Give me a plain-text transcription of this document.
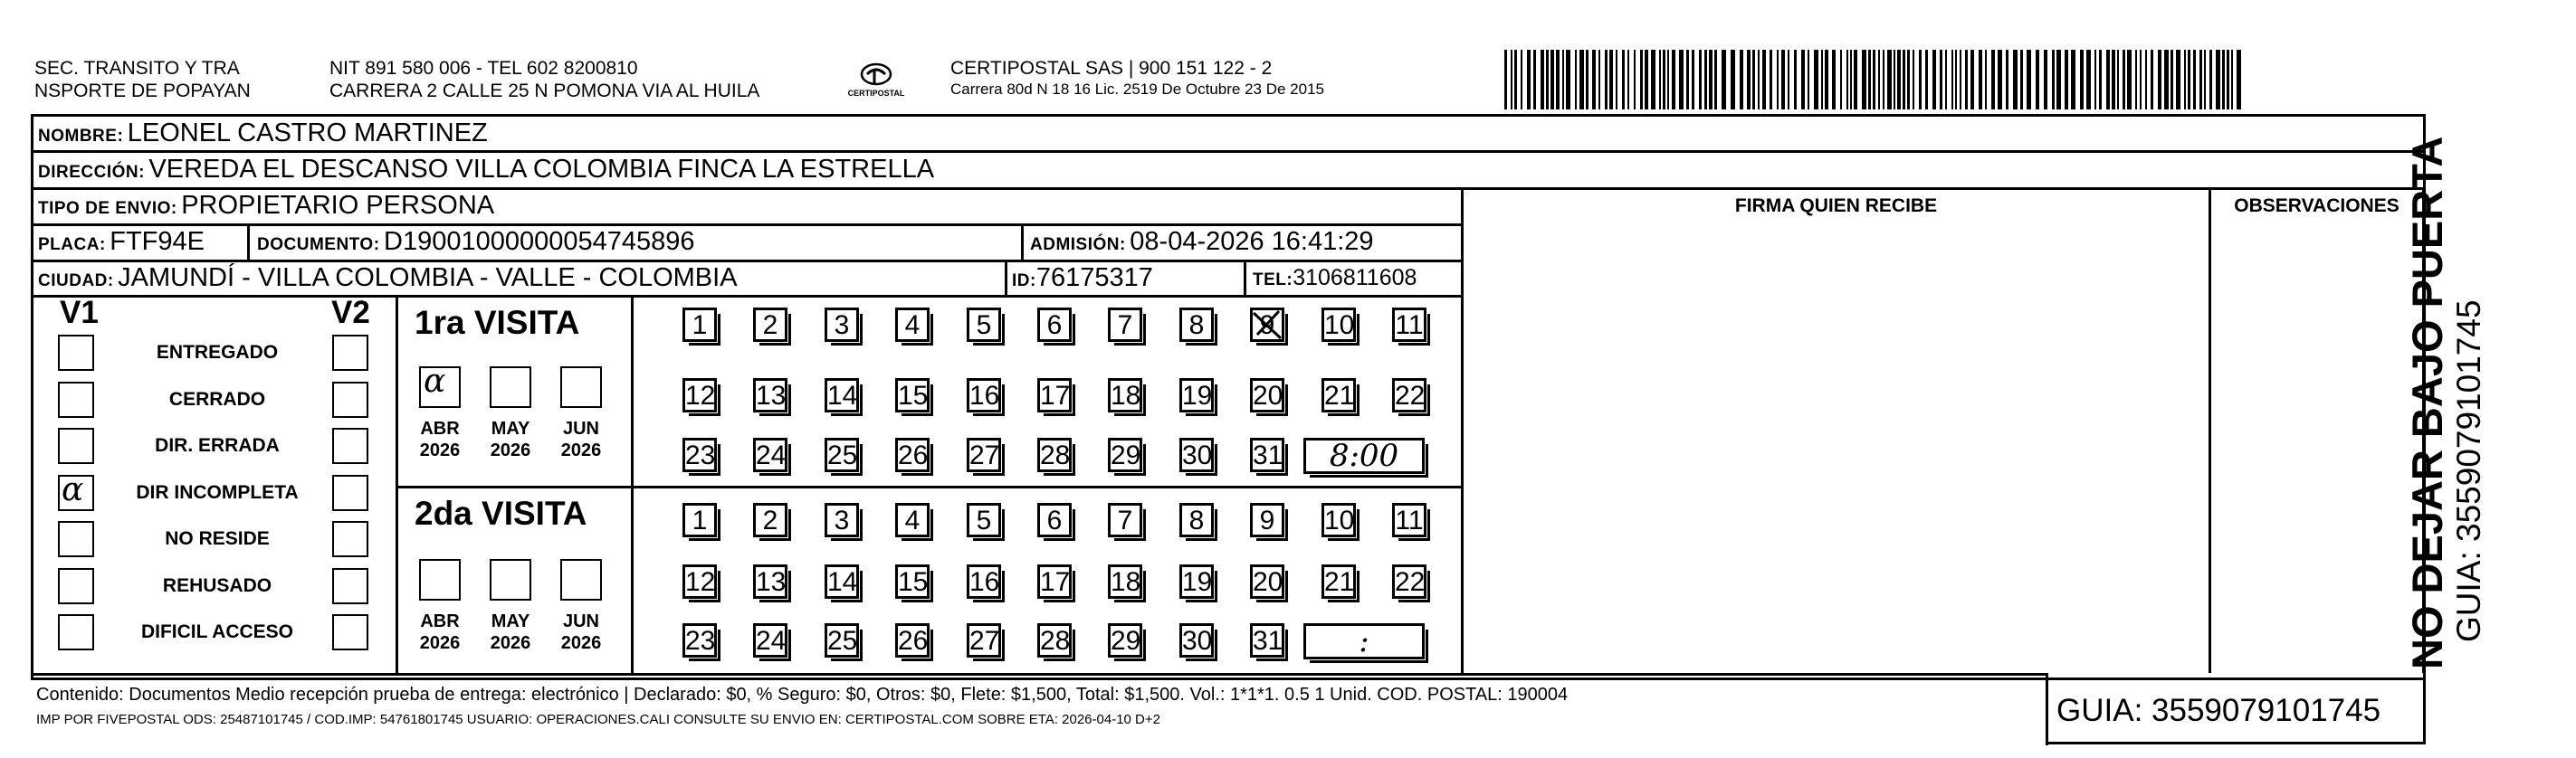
SEC. TRANSITO Y TRA
NSPORTE DE POPAYAN
NIT 891 580 006 - TEL 602 8200810
CARRERA 2 CALLE 25 N POMONA VIA AL HUILA	CERTIPOSTAL
CERTIPOSTAL SAS | 900 151 122 - 2
Carrera 80d N 18 16 Lic. 2519 De Octubre 23 De 2015
NOMBRE: LEONEL CASTRO MARTINEZ
DIRECCIÓN: VEREDA EL DESCANSO VILLA COLOMBIA FINCA LA ESTRELLA
TIPO DE ENVIO: PROPIETARIO PERSONA	FIRMA QUIEN RECIBE	OBSERVACIONES
PLACA: FTF94E	DOCUMENTO: D19001000000054745896	ADMISIÓN: 08-04-2026 16:41:29
CIUDAD: JAMUNDÍ - VILLA COLOMBIA - VALLE - COLOMBIA	ID:76175317	TEL:3106811608
V1	V2
ENTREGADO
CERRADO
DIR. ERRADA
ɑ	DIR INCOMPLETA
NO RESIDE
REHUSADO
DIFICIL ACCESO
1ra VISITA
ɑ
ABR
2026
MAY
2026
JUN
2026
1	2	3	4	5	6	7	8	9	10 11
12 13 14 15 16 17 18 19 20 21 22
23 24 25 26 27 28 29 30 31	8:00
2da VISITA
ABR
2026
MAY
2026
JUN
2026
1	2	3	4	5	6	7	8	9	10 11
12 13 14 15 16 17 18 19 20 21 22
23 24 25 26 27 28 29 30 31	:
Contenido: Documentos Medio recepción prueba de entrega: electrónico | Declarado: $0, % Seguro: $0, Otros: $0, Flete: $1,500, Total: $1,500. Vol.: 1*1*1. 0.5 1 Unid. COD. POSTAL: 190004
IMP POR FIVEPOSTAL ODS: 25487101745 / COD.IMP: 54761801745 USUARIO: OPERACIONES.CALI CONSULTE SU ENVIO EN: CERTIPOSTAL.COM SOBRE ETA: 2026-04-10 D+2	GUIA: 3559079101745
NO DEJAR BAJO PUERTA GUIA: 3559079101745
